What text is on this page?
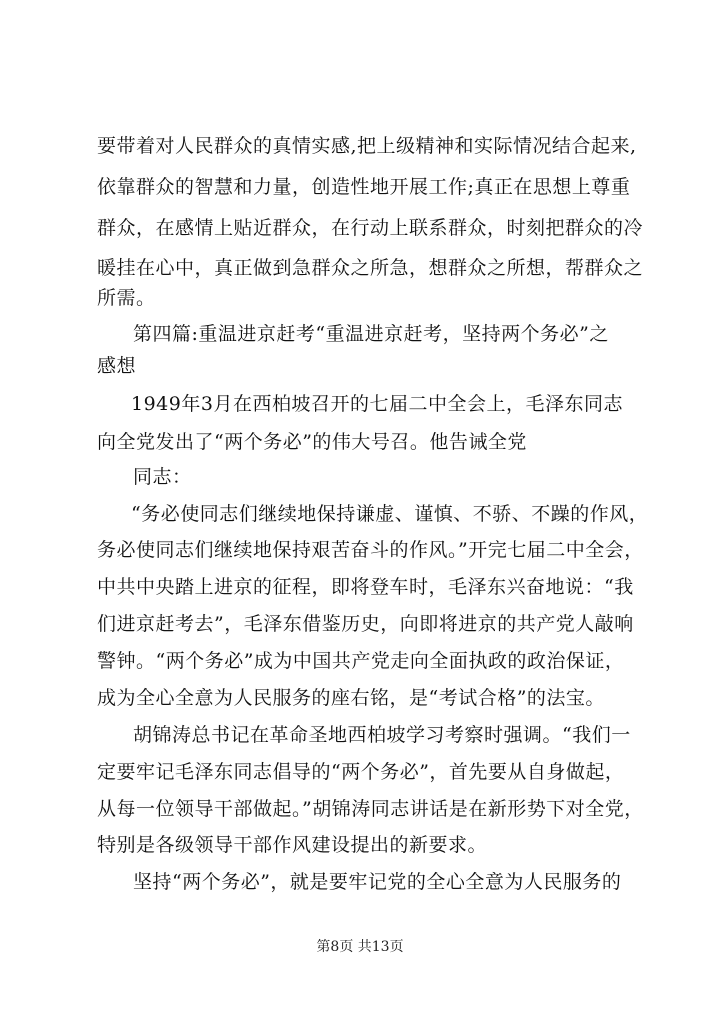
要带着对人民群众的真情实感,把上级精神和实际情况结合起来,
依靠群众的智慧和力量，创造性地开展工作;真正在思想上尊重
群众，在感情上贴近群众，在行动上联系群众，时刻把群众的冷
暖挂在心中，真正做到急群众之所急，想群众之所想，帮群众之
所需。
第四篇:重温进京赶考“重温进京赶考，坚持两个务必”之
感想
1949年3月在西柏坡召开的七届二中全会上，毛泽东同志
向全党发出了“两个务必”的伟大号召。他告诫全党
同志：
“务必使同志们继续地保持谦虚、谨慎、不骄、不躁的作风，
务必使同志们继续地保持艰苦奋斗的作风。”开完七届二中全会，
中共中央踏上进京的征程，即将登车时，毛泽东兴奋地说：“我
们进京赶考去”，毛泽东借鉴历史，向即将进京的共产党人敲响
警钟。“两个务必”成为中国共产党走向全面执政的政治保证，
成为全心全意为人民服务的座右铭，是“考试合格”的法宝。
胡锦涛总书记在革命圣地西柏坡学习考察时强调。“我们一
定要牢记毛泽东同志倡导的“两个务必”，首先要从自身做起，
从每一位领导干部做起。”胡锦涛同志讲话是在新形势下对全党，
特别是各级领导干部作风建设提出的新要求。
坚持“两个务必”，就是要牢记党的全心全意为人民服务的
第8页 共13页
